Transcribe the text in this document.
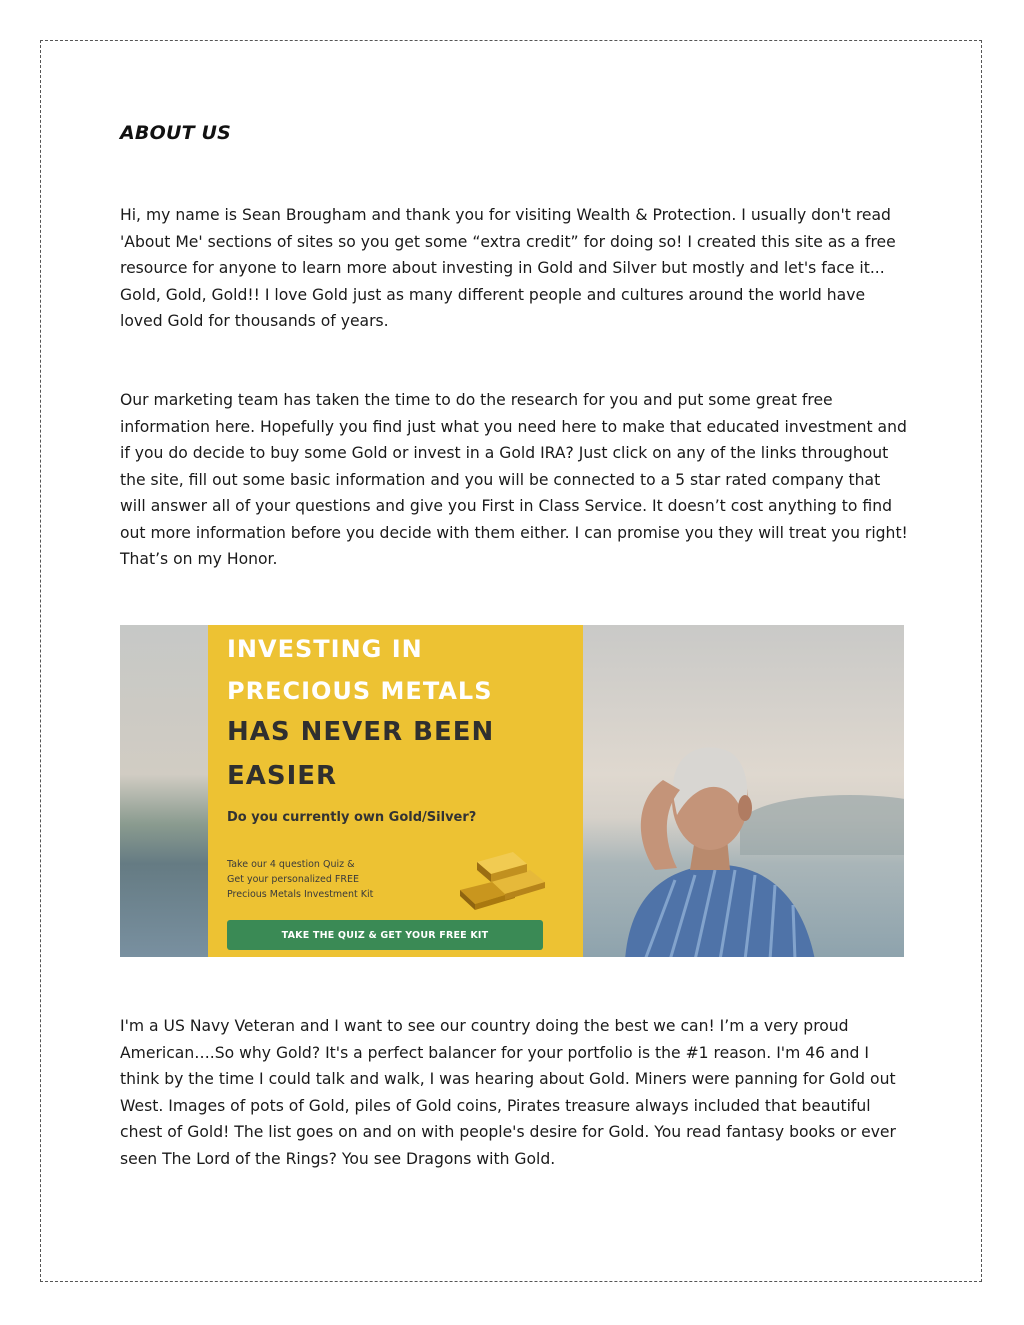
ABOUT US

Hi, my name is Sean Brougham and thank you for visiting Wealth & Protection. I usually don't read 'About Me' sections of sites so you get some “extra credit” for doing so! I created this site as a free resource for anyone to learn more about investing in Gold and Silver but mostly and let's face it... Gold, Gold, Gold!! I love Gold just as many different people and cultures around the world have loved Gold for thousands of years.

Our marketing team has taken the time to do the research for you and put some great free information here. Hopefully you find just what you need here to make that educated investment and if you do decide to buy some Gold or invest in a Gold IRA? Just click on any of the links throughout the site, fill out some basic information and you will be connected to a 5 star rated company that will answer all of your questions and give you First in Class Service. It doesn’t cost anything to find out more information before you decide with them either. I can promise you they will treat you right! That’s on my Honor.

INVESTING IN
PRECIOUS METALS
HAS NEVER BEEN
EASIER
Do you currently own Gold/Silver?
Take our 4 question Quiz &
Get your personalized FREE
Precious Metals Investment Kit
TAKE THE QUIZ & GET YOUR FREE KIT

I'm a US Navy Veteran and I want to see our country doing the best we can! I’m a very proud American….So why Gold? It's a perfect balancer for your portfolio is the #1 reason. I'm 46 and I think by the time I could talk and walk, I was hearing about Gold. Miners were panning for Gold out West. Images of pots of Gold, piles of Gold coins, Pirates treasure always included that beautiful chest of Gold! The list goes on and on with people's desire for Gold. You read fantasy books or ever seen The Lord of the Rings? You see Dragons with Gold.
